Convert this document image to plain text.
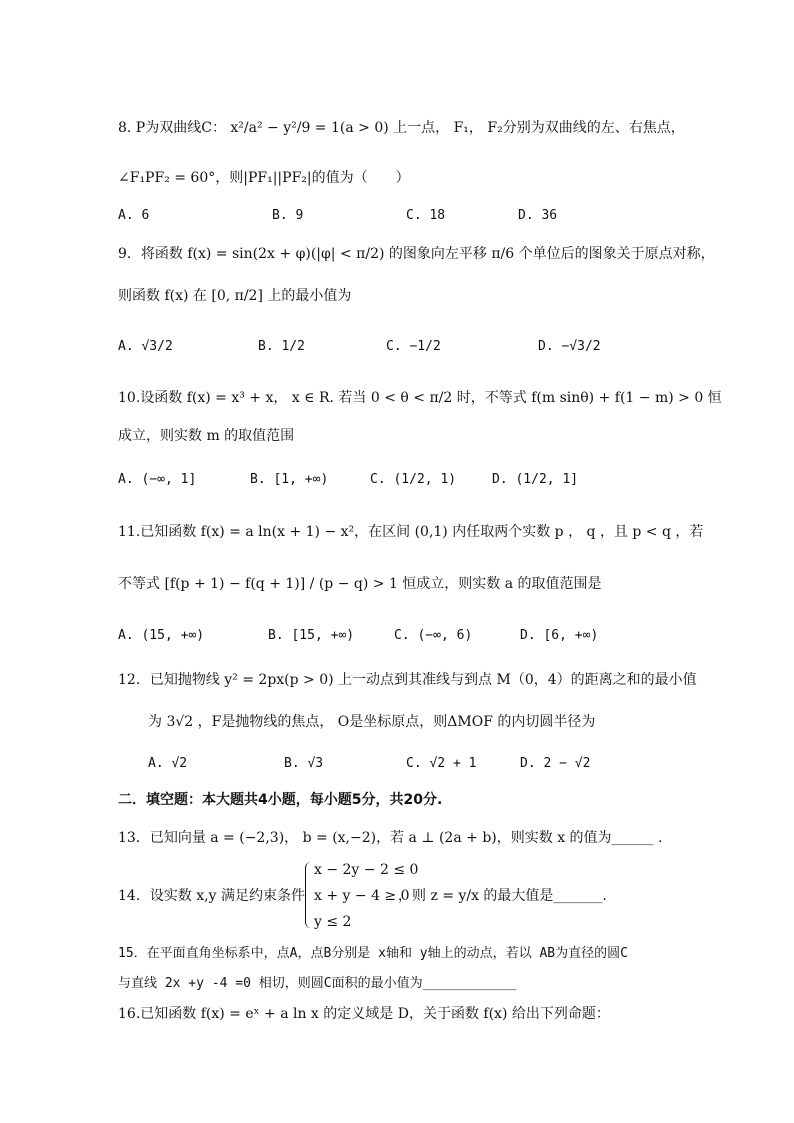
8. P为双曲线C： x²/a² − y²/9 = 1(a > 0) 上一点， F₁， F₂分别为双曲线的左、右焦点，
∠F₁PF₂ = 60°，则|PF₁||PF₂|的值为（　　）
A. 6	B. 9	C. 18	D. 36
9．将函数 f(x) = sin(2x + φ)(|φ| < π/2) 的图象向左平移 π/6 个单位后的图象关于原点对称，
则函数 f(x) 在 [0, π/2] 上的最小值为
A. √3/2	B. 1/2	C. −1/2	D. −√3/2
10.设函数 f(x) = x³ + x， x ∈ R. 若当 0 < θ < π/2 时，不等式 f(m sinθ) + f(1 − m) > 0 恒
成立，则实数 m 的取值范围
A. (−∞, 1]	B. [1, +∞)	C. (1/2, 1)	D. (1/2, 1]
11.已知函数 f(x) = a ln(x + 1) − x²，在区间 (0,1) 内任取两个实数 p ， q ，且 p < q ，若
不等式 [f(p + 1) − f(q + 1)] / (p − q) > 1 恒成立，则实数 a 的取值范围是
A. (15, +∞)	B. [15, +∞)	C. (−∞, 6)	D. [6, +∞)
12．已知抛物线 y² = 2px(p > 0) 上一动点到其准线与到点 M（0，4）的距离之和的最小值
为 3√2 ，F是抛物线的焦点， O是坐标原点，则ΔMOF 的内切圆半径为
A. √2	B. √3	C. √2 + 1	D. 2 − √2
二．填空题：本大题共4小题，每小题5分，共20分.
13．已知向量 a = (−2,3)， b = (x,−2)，若 a ⊥ (2a + b)，则实数 x 的值为______ .
14．设实数 x,y 满足约束条件
x − 2y − 2 ≤ 0
x + y − 4 ≥ 0
y ≤ 2
，则 z = y/x 的最大值是_______.
15．在平面直角坐标系中，点A，点B分别是 x轴和 y轴上的动点，若以 AB为直径的圆C
与直线 2x +y -4 =0 相切，则圆C面积的最小值为____________
16.已知函数 f(x) = eˣ + a ln x 的定义域是 D，关于函数 f(x) 给出下列命题：
